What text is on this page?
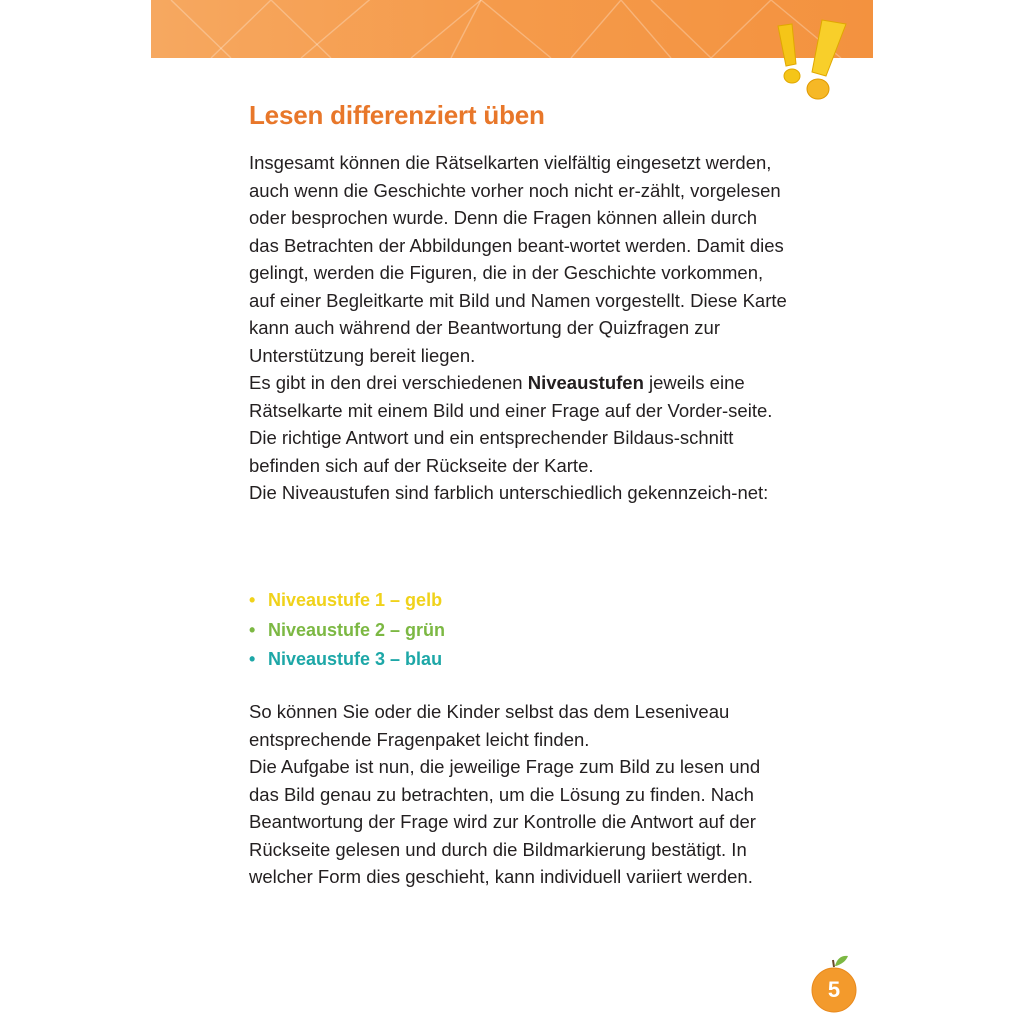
Lesen differenziert üben

Insgesamt können die Rätselkarten vielfältig eingesetzt werden, auch wenn die Geschichte vorher noch nicht er-zählt, vorgelesen oder besprochen wurde. Denn die Fragen können allein durch das Betrachten der Abbildungen beant-wortet werden. Damit dies gelingt, werden die Figuren, die in der Geschichte vorkommen, auf einer Begleitkarte mit Bild und Namen vorgestellt. Diese Karte kann auch während der Beantwortung der Quizfragen zur Unterstützung bereit liegen.

Es gibt in den drei verschiedenen Niveaustufen jeweils eine Rätselkarte mit einem Bild und einer Frage auf der Vorder-seite. Die richtige Antwort und ein entsprechender Bildaus-schnitt befinden sich auf der Rückseite der Karte.

Die Niveaustufen sind farblich unterschiedlich gekennzeich-net:

• Niveaustufe 1 – gelb
• Niveaustufe 2 – grün
• Niveaustufe 3 – blau

So können Sie oder die Kinder selbst das dem Leseniveau entsprechende Fragenpaket leicht finden.

Die Aufgabe ist nun, die jeweilige Frage zum Bild zu lesen und das Bild genau zu betrachten, um die Lösung zu finden. Nach Beantwortung der Frage wird zur Kontrolle die Antwort auf der Rückseite gelesen und durch die Bildmarkierung bestätigt. In welcher Form dies geschieht, kann individuell variiert werden.

5
